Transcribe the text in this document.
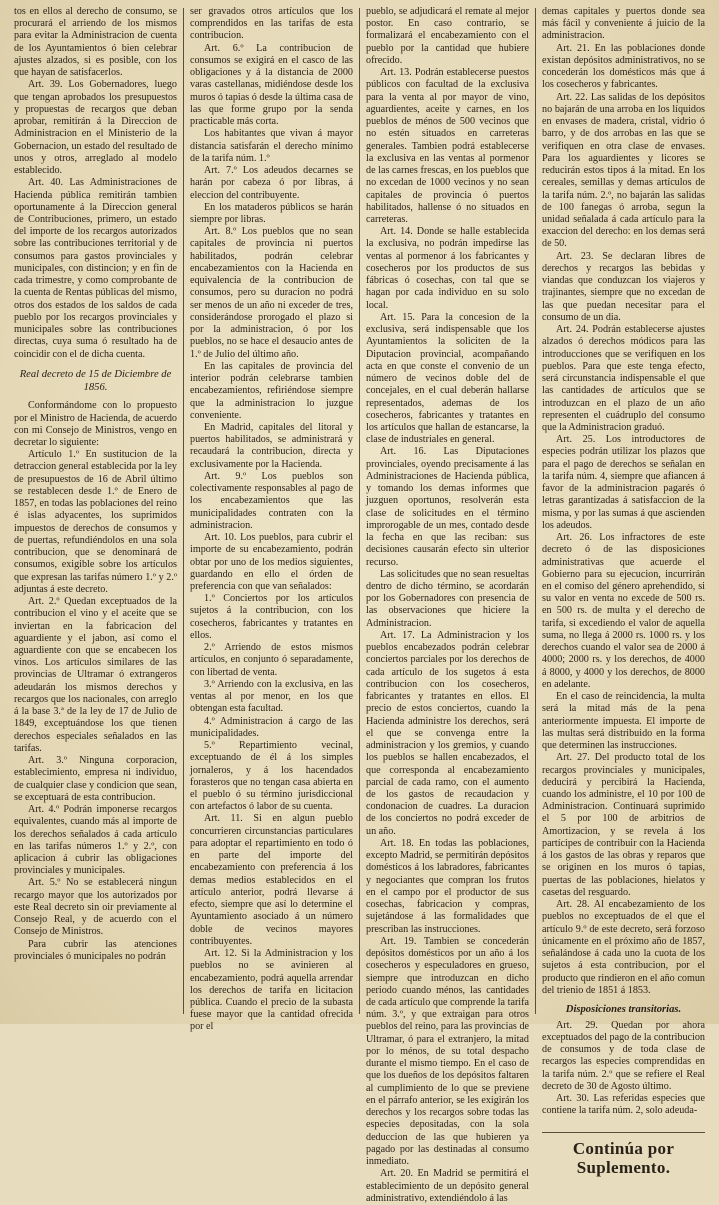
tos en ellos al derecho de consumo, se procurará el arriendo de los mismos para evitar la Administracion de cuenta de los Ayuntamientos ó bien celebrar ajustes alzados, si es posible, con los que hayan de satisfacerlos.

Art. 39. Los Gobernadores, luego que tengan aprobados los presupuestos y propuestas de recargos que deban aprobar, remitirán á la Direccion de Administracion en el Ministerio de la Gobernacion, un estado del resultado de unos y otros, arreglado al modelo establecido.

Art. 40. Las Administraciones de Hacienda pública remitirán tambien oportunamente á la Direccion general de Contribuciones, primero, un estado del importe de los recargos autorizados sobre las contribuciones territorial y de consumos para gastos provinciales y municipales, con distincion; y en fin de cada trimestre, y como comprobante de la cuenta de Rentas públicas del mismo, otros dos estados de los saldos de cada pueblo por los recargos provinciales y municipales sobre las contribuciones directas, cuya suma ó resultado ha de coincidir con el de dicha cuenta.

Real decreto de 15 de Diciembre de 1856.

Conformándome con lo propuesto por el Ministro de Hacienda, de acuerdo con mi Consejo de Ministros, vengo en decretar lo siguiente:

Artículo 1.º En sustitucion de la detraccion general establecida por la ley de presupuestos de 16 de Abril último se restablecen desde 1.º de Enero de 1857, en todas las poblaciones del reino é islas adyacentes, los suprimidos impuestos de derechos de consumos y de puertas, refundiéndolos en una sola contribucion, que se denominará de consumos, exigible sobre los artículos que expresan las tarifas número 1.º y 2.º adjuntas á este decreto.

Art. 2.º Quedan exceptuados de la contribucion el vino y el aceite que se inviertan en la fabricacion del aguardiente y el jabon, así como el aguardiente con que se encabecen los vinos. Los artículos similares de las provincias de Ultramar ó extrangeros adeudarán los mismos derechos y recargos que los nacionales, con arreglo á la base 3.ª de la ley de 17 de Julio de 1849, exceptuándose los que tienen derechos especiales señalados en las tarifas.

Art. 3.º Ninguna corporacion, establecimiento, empresa ni individuo, de cualquier clase y condicion que sean, se exceptuará de esta contribucion.

Art. 4.º Podrán imponerse recargos equivalentes, cuando más al importe de los derechos señalados á cada artículo en las tarifas números 1.º y 2.º, con aplicacion á cubrir las obligaciones provinciales y municipales.

Art. 5.º No se establecerá ningun recargo mayor que los autorizados por este Real decreto sin oir previamente al Consejo Real, y de acuerdo con el Consejo de Ministros.

Para cubrir las atenciones provinciales ó municipales no podrán

ser gravados otros artículos que los comprendidos en las tarifas de esta contribucion.

Art. 6.º La contribucion de consumos se exigirá en el casco de las obligaciones y á la distancia de 2000 varas castellanas, midiéndose desde los muros ó tapias ó desde la última casa de las que forme grupo por la senda practicable más corta.

Los habitantes que vivan á mayor distancia satisfarán el derecho mínimo de la tarifa núm. 1.º

Art. 7.º Los adeudos decarnes se harán por cabeza ó por libras, á eleccion del contribuyente.

En los mataderos públicos se harán siempre por libras.

Art. 8.º Los pueblos que no sean capitales de provincia ni puertos habilitados, podrán celebrar encabezamientos con la Hacienda en equivalencia de la contribucion de consumos, pero su duracion no podrá ser menos de un año ni exceder de tres, considerándose prorogado el plazo si por la administracion, ó por los pueblos, no se hace el desaucio antes de 1.º de Julio del último año.

En las capitales de provincia del interior podrán celebrarse tambien encabezamientos, refiriéndose siempre que la administracion lo juzgue conveniente.

En Madrid, capitales del litoral y puertos habilitados, se administrará y recaudará la contribucion, directa y exclusivamente por la Hacienda.

Art. 9.º Los pueblos son colectivamente responsables al pago de los encabezamientos que las municipalidades contraten con la administracion.

Art. 10. Los pueblos, para cubrir el importe de su encabezamiento, podrán obtar por uno de los medios siguientes, guardando en ello el órden de preferencia con que van señalados:

1.º Conciertos por los artículos sujetos á la contribucion, con los cosecheros, fabricantes y tratantes en ellos.

2.º Arriendo de estos mismos artículos, en conjunto ó separadamente, con libertad de venta.

3.º Arriendo con la exclusiva, en las ventas al por menor, en los que obtengan esta facultad.

4.º Administracion á cargo de las municipalidades.

5.º Repartimiento vecinal, exceptuando de él á los simples jornaleros, y á los hacendados forasteros que no tengan casa abierta en el pueblo ó su término jurisdiccional con artefactos ó labor de su cuenta.

Art. 11. Si en algun pueblo concurrieren circunstancias particulares para adoptar el repartimiento en todo ó en parte del importe del encabezamiento con preferencia á los demas medios establecidos en el artículo anterior, podrá llevarse á efecto, siempre que así lo determine el Ayuntamiento asociado á un número doble de vecinos mayores contribuyentes.

Art. 12. Si la Administracion y los pueblos no se avinieren al encabezamiento, podrá aquella arrendar los derechos de tarifa en licitacion pública. Cuando el precio de la subasta fuese mayor que la cantidad ofrecida por el

pueblo, se adjudicará el remate al mejor postor. En caso contrario, se formalizará el encabezamiento con el pueblo por la cantidad que hubiere ofrecido.

Art. 13. Podrán establecerse puestos públicos con facultad de la exclusiva para la venta al por mayor de vino, aguardientes, aceite y carnes, en los pueblos de ménos de 500 vecinos que no estén situados en carreteras generales. Tambien podrá establecerse la exclusiva en las ventas al pormenor de las carnes frescas, en los pueblos que no excedan de 1000 vecinos y no sean capitales de provincia ó puertos habilitados, hallense ó no situados en carreteras.

Art. 14. Donde se halle establecida la exclusiva, no podrán impedirse las ventas al pormenor á los fabricantes y cosecheros por los productos de sus fábricas ó cosechas, con tal que se hagan por cada individuo en su solo local.

Art. 15. Para la concesion de la exclusiva, será indispensable que los Ayuntamientos la soliciten de la Diputacion provincial, acompañando acta en que conste el convenio de un número de vecinos doble del de concejales, en el cual deberán hallarse representados, ademas de los cosecheros, fabricantes y tratantes en los artículos que hallan de estancarse, la clase de industriales en general.

Art. 16. Las Diputaciones provinciales, oyendo precisamente á las Administraciones de Hacienda pública, y tomando los demas informes que juzguen oportunos, resolverán esta clase de solicitudes en el término improrogable de un mes, contado desde la fecha en que las reciban: sus decisiones causarán efecto sin ulterior recurso.

Las solicitudes que no sean resueltas dentro de dicho término, se acordarán por los Gobernadores con presencia de las observaciones que hiciere la Administracion.

Art. 17. La Administracion y los pueblos encabezados podrán celebrar conciertos parciales por los derechos de cada artículo de los sugetos á esta contribucion con los cosecheros, fabricantes y tratantes en ellos. El precio de estos conciertos, cuando la Hacienda administre los derechos, será el que se convenga entre la administracion y los gremios, y cuando los pueblos se hallen encabezados, el que corresponda al encabezamiento parcial de cada ramo, con el aumento de los gastos de recaudacion y condonacion de cuadres. La duracion de los conciertos no podrá exceder de un año.

Art. 18. En todas las poblaciones, excepto Madrid, se permitirán depósitos domésticos á los labradores, fabricantes y negociantes que compran los frutos en el campo por el productor de sus cosechas, fabricacion y compras, sujetándose á las formalidades que prescriban las instrucciones.

Art. 19. Tambien se concederán depósitos domésticos por un año á los cosecheros y especuladores en grueso, siempre que introduzcan en dicho periodo cuando ménos, las cantidades de cada artículo que comprende la tarifa núm. 3.º, y que extraigan para otros pueblos del reino, para las provincias de Ultramar, ó para el extranjero, la mitad por lo ménos, de su total despacho durante el mismo tiempo. En el caso de que los dueños de los depósitos faltaren al cumplimiento de lo que se previene en el párrafo anterior, se les exigirán los derechos y los recargos sobre todas las especies depositadas, con la sola deduccion de las que hubieren ya pagado por las destinadas al consumo inmediato.

Art. 20. En Madrid se permitirá el establecimiento de un depósito general administrativo, extendiéndolo á las

demas capitales y puertos donde sea más fácil y conveniente á juicio de la administracion.

Art. 21. En las poblaciones donde existan depósitos administrativos, no se concederán los domésticos más que á los cosecheros y fabricantes.

Art. 22. Las salidas de los depósitos no bajarán de una arroba en los líquidos en envases de madera, cristal, vidrio ó barro, y de dos arrobas en las que se verifiquen en otra clase de envases. Para los aguardientes y licores se reducirán estos tipos á la mitad. En los cereales, semillas y demas artículos de la tarifa núm. 2.º, no bajarán las salidas de 100 fanegas ó arroba, segun la unidad señalada á cada artículo para la exaccion del derecho: en los demas será de 50.

Art. 23. Se declaran libres de derechos y recargos las bebidas y viandas que conduzcan los viajeros y trajinantes, siempre que no excedan de las que puedan necesitar para el consumo de un dia.

Art. 24. Podrán establecerse ajustes alzados ó derechos módicos para las introducciones que se verifiquen en los pueblos. Para que este tenga efecto, será circunstancia indispensable el que las cantidades de artículos que se introduzcan en el plazo de un año representen el cuádruplo del consumo que la Administracion graduó.

Art. 25. Los introductores de especies podrán utilizar los plazos que para el pago de derechos se señalan en la tarifa núm. 4, siempre que afiancen á favor de la administracion pagarés ó letras garantizadas á satisfaccion de la misma, y por las sumas á que ascienden los adeudos.

Art. 26. Los infractores de este decreto ó de las disposiciones administrativas que acuerde el Gobierno para su ejecucion, incurrirán en el comiso del género aprehendido, si su valor en venta no excede de 500 rs. en 500 rs. de multa y el derecho de tarifa, si excediendo el valor de aquella suma, no llega á 2000 rs. 1000 rs. y los derechos cuando el valor sea de 2000 á 4000; 2000 rs. y los derechos, de 4000 á 8000, y 4000 y los derechos, de 8000 en adelante.

En el caso de reincidencia, la multa será la mitad más de la pena anteriormente impuesta. El importe de las multas será distribuido en la forma que determinen las instrucciones.

Art. 27. Del producto total de los recargos provinciales y municipales, deducirá y percibirá la Hacienda, cuando los administre, el 10 por 100 de Administracion. Continuará suprimido el 5 por 100 de arbitrios de Amortizacion, y se revela á los partícipes de contribuir con la Hacienda á los gastos de las obras y reparos que se originen en los muros ó tapias, puertas de las poblaciones, hielatos y casetas del resguardo.

Art. 28. Al encabezamiento de los pueblos no exceptuados de el que el artículo 9.º de este decreto, será forzoso únicamente en el próximo año de 1857, señalándose á cada uno la cuota de los sujetos á esta contribucion, por el producto que rindieron en el año comun del trienio de 1851 á 1853.

Disposiciones transitorias.

Art. 29. Quedan por ahora exceptuados del pago de la contribucion de consumos y de toda clase de recargos las especies comprendidas en la tarifa núm. 2.º que se refiere el Real decreto de 30 de Agosto último.

Art. 30. Las referidas especies que contiene la tarifa núm. 2, solo adeuda-

Continúa por Suplemento.
